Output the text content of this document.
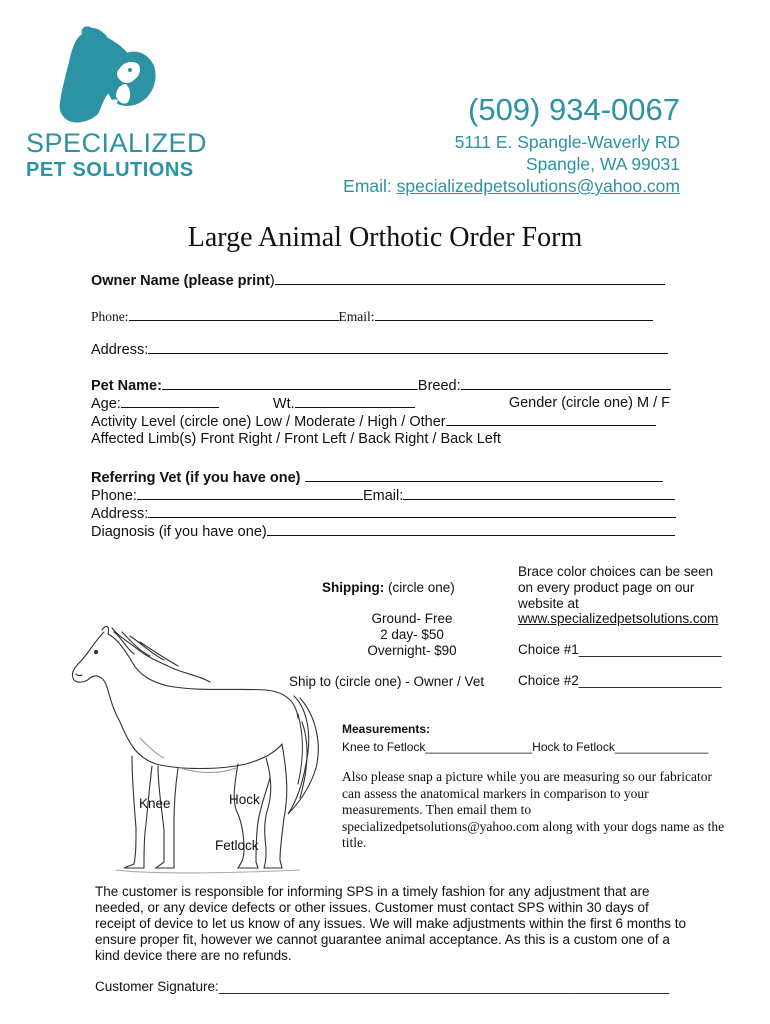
SPECIALIZED
PET SOLUTIONS
(509) 934-0067
5111 E. Spangle-Waverly RD
Spangle, WA 99031
Email: specializedpetsolutions@yahoo.com
Large Animal Orthotic Order Form
Owner Name (please print)
Phone:	Email:
Address:
Pet Name:	Breed:
Age:	Wt.	Gender (circle one) M / F
Activity Level (circle one) Low / Moderate / High / Other
Affected Limb(s) Front Right / Front Left / Back Right / Back Left
Referring Vet (if you have one)
Phone:	Email:
Address:
Diagnosis (if you have one)
Shipping: (circle one)
Ground- Free
2 day- $50
Overnight- $90
Ship to (circle one) - Owner / Vet
Brace color choices can be seen
on every product page on our
website at
www.specializedpetsolutions.com
Choice #1___________________
Choice #2___________________
Measurements:
Knee to Fetlock________________Hock to Fetlock______________
Also please snap a picture while you are measuring so our fabricator
can assess the anatomical markers in comparison to your
measurements. Then email them to
specializedpetsolutions@yahoo.com along with your dogs name as the
title.
Knee	Hock
Fetlock
The customer is responsible for informing SPS in a timely fashion for any adjustment that are
needed, or any device defects or other issues. Customer must contact SPS within 30 days of
receipt of device to let us know of any issues. We will make adjustments within the first 6 months to
ensure proper fit, however we cannot guarantee animal acceptance. As this is a custom one of a
kind device there are no refunds.
Customer Signature:____________________________________________________________
